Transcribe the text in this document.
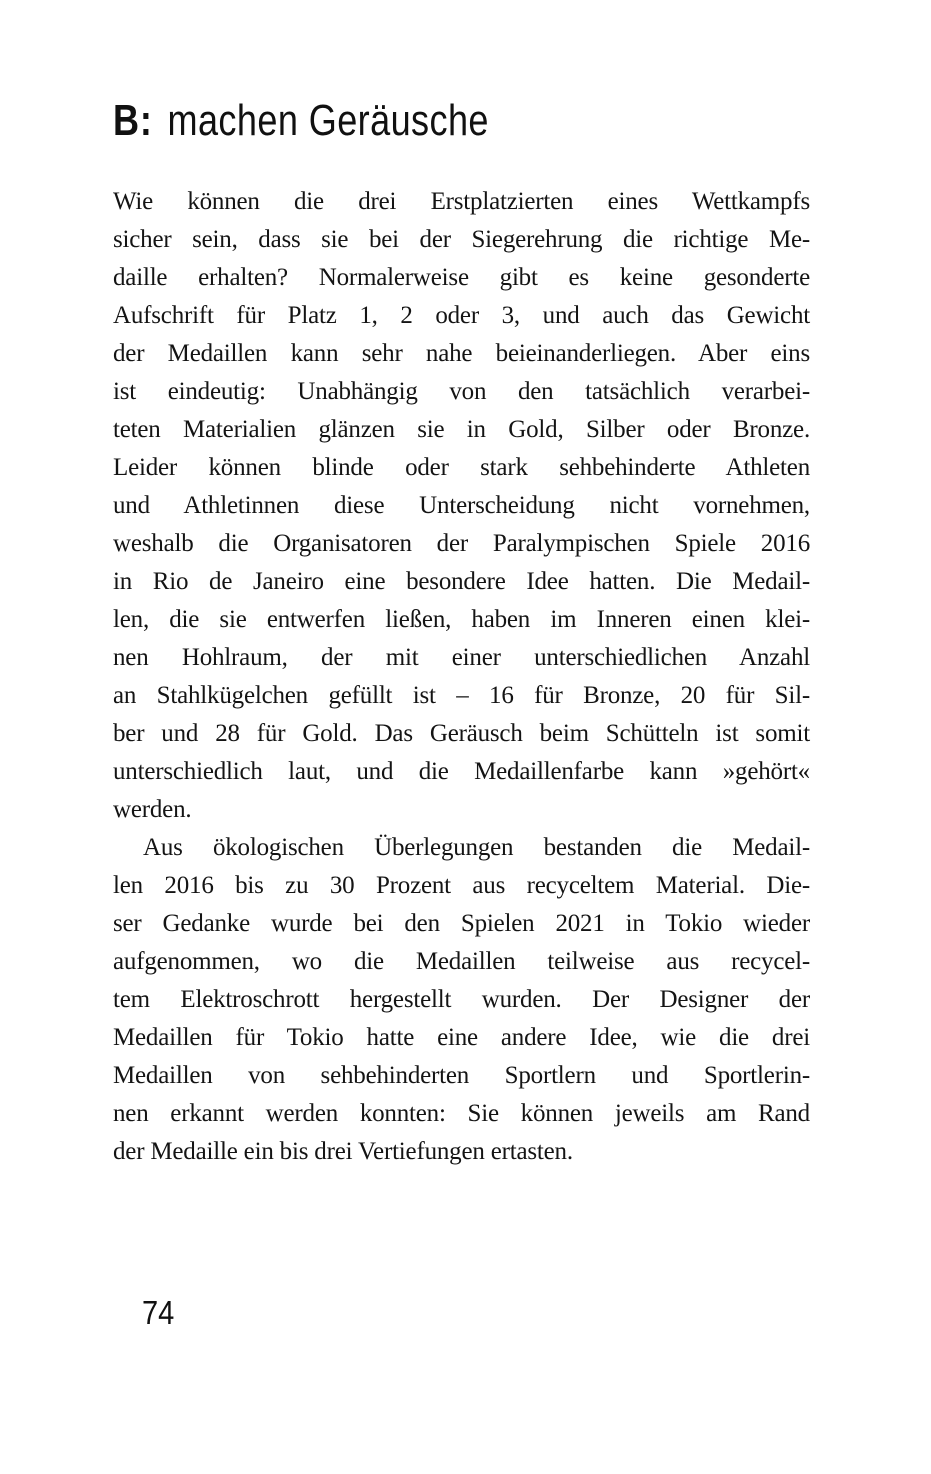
B: machen Geräusche
Wie können die drei Erstplatzierten eines Wettkampfs
sicher sein, dass sie bei der Siegerehrung die richtige Me-
daille erhalten? Normalerweise gibt es keine gesonderte
Aufschrift für Platz 1, 2 oder 3, und auch das Gewicht
der Medaillen kann sehr nahe beieinanderliegen. Aber eins
ist eindeutig: Unabhängig von den tatsächlich verarbei-
teten Materialien glänzen sie in Gold, Silber oder Bronze.
Leider können blinde oder stark sehbehinderte Athleten
und Athletinnen diese Unterscheidung nicht vornehmen,
weshalb die Organisatoren der Paralympischen Spiele 2016
in Rio de Janeiro eine besondere Idee hatten. Die Medail-
len, die sie entwerfen ließen, haben im Inneren einen klei-
nen Hohlraum, der mit einer unterschiedlichen Anzahl
an Stahlkügelchen gefüllt ist – 16 für Bronze, 20 für Sil-
ber und 28 für Gold. Das Geräusch beim Schütteln ist somit
unterschiedlich laut, und die Medaillenfarbe kann »gehört«
werden.
Aus ökologischen Überlegungen bestanden die Medail-
len 2016 bis zu 30 Prozent aus recyceltem Material. Die-
ser Gedanke wurde bei den Spielen 2021 in Tokio wieder
aufgenommen, wo die Medaillen teilweise aus recycel-
tem Elektroschrott hergestellt wurden. Der Designer der
Medaillen für Tokio hatte eine andere Idee, wie die drei
Medaillen von sehbehinderten Sportlern und Sportlerin-
nen erkannt werden konnten: Sie können jeweils am Rand
der Medaille ein bis drei Vertiefungen ertasten.
74
